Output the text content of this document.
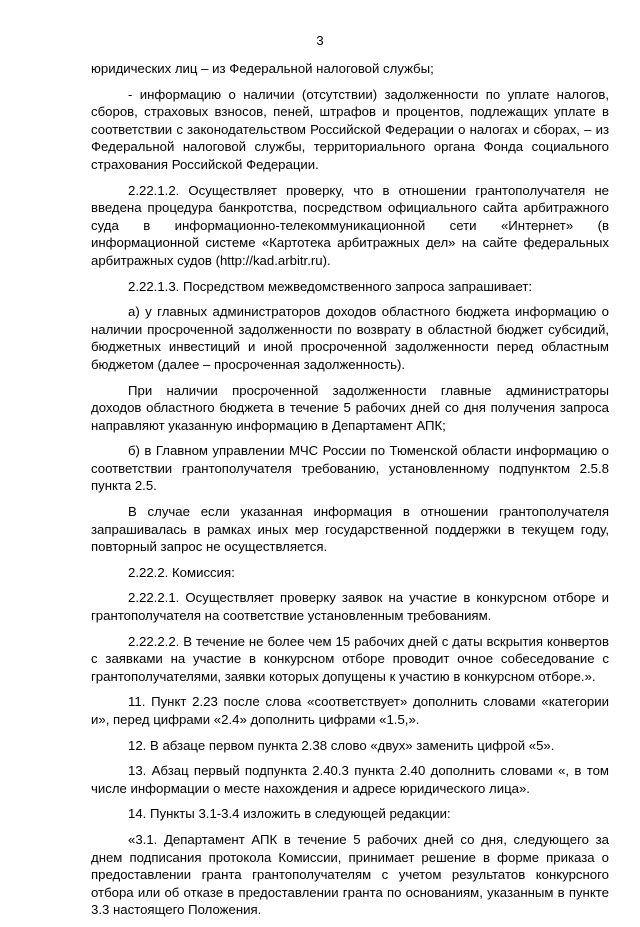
3

юридических лиц – из Федеральной налоговой службы;

- информацию о наличии (отсутствии) задолженности по уплате налогов, сборов, страховых взносов, пеней, штрафов и процентов, подлежащих уплате в соответствии с законодательством Российской Федерации о налогах и сборах, – из Федеральной налоговой службы, территориального органа Фонда социального страхования Российской Федерации.

2.22.1.2. Осуществляет проверку, что в отношении грантополучателя не введена процедура банкротства, посредством официального сайта арбитражного суда в информационно-телекоммуникационной сети «Интернет» (в информационной системе «Картотека арбитражных дел» на сайте федеральных арбитражных судов (http://kad.arbitr.ru).

2.22.1.3. Посредством межведомственного запроса запрашивает:

а) у главных администраторов доходов областного бюджета информацию о наличии просроченной задолженности по возврату в областной бюджет субсидий, бюджетных инвестиций и иной просроченной задолженности перед областным бюджетом (далее – просроченная задолженность).

При наличии просроченной задолженности главные администраторы доходов областного бюджета в течение 5 рабочих дней со дня получения запроса направляют указанную информацию в Департамент АПК;

б) в Главном управлении МЧС России по Тюменской области информацию о соответствии грантополучателя требованию, установленному подпунктом 2.5.8 пункта 2.5.

В случае если указанная информация в отношении грантополучателя запрашивалась в рамках иных мер государственной поддержки в текущем году, повторный запрос не осуществляется.

2.22.2. Комиссия:

2.22.2.1. Осуществляет проверку заявок на участие в конкурсном отборе и грантополучателя на соответствие установленным требованиям.

2.22.2.2. В течение не более чем 15 рабочих дней с даты вскрытия конвертов с заявками на участие в конкурсном отборе проводит очное собеседование с грантополучателями, заявки которых допущены к участию в конкурсном отборе.».

11. Пункт 2.23 после слова «соответствует» дополнить словами «категории и», перед цифрами «2.4» дополнить цифрами «1.5,».

12. В абзаце первом пункта 2.38 слово «двух» заменить цифрой «5».

13. Абзац первый подпункта 2.40.3 пункта 2.40 дополнить словами «, в том числе информации о месте нахождения и адресе юридического лица».

14. Пункты 3.1-3.4 изложить в следующей редакции:

«3.1. Департамент АПК в течение 5 рабочих дней со дня, следующего за днем подписания протокола Комиссии, принимает решение в форме приказа о предоставлении гранта грантополучателям с учетом результатов конкурсного отбора или об отказе в предоставлении гранта по основаниям, указанным в пункте 3.3 настоящего Положения.
